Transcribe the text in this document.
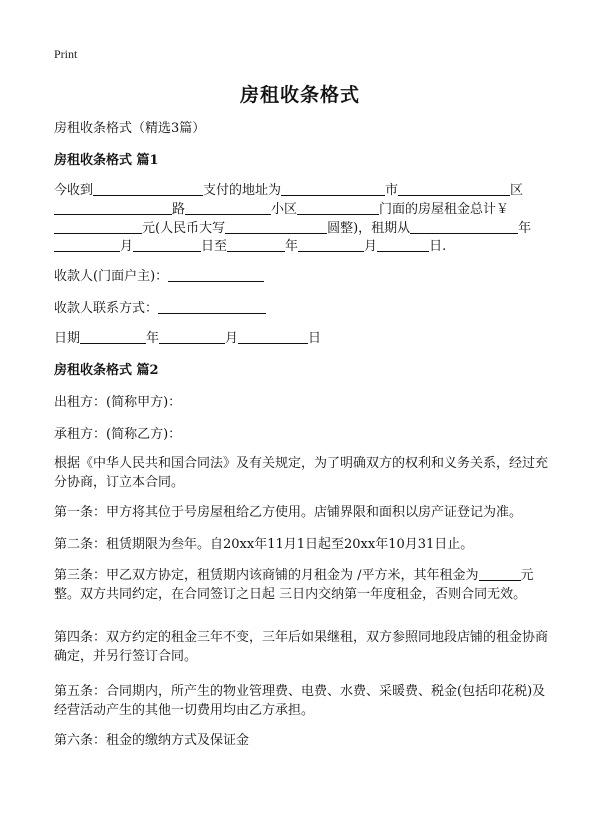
Print
房租收条格式
房租收条格式（精选3篇）
房租收条格式 篇1
今收到	支付的地址为	市	区
路	小区	门面的房屋租金总计￥
元(人民币大写	圆整)，租期从	年
月	日至	年	月	日.
收款人(门面户主)：
收款人联系方式：
日期	年	月	日
房租收条格式 篇2
出租方：(简称甲方)：
承租方：(简称乙方)：
根据《中华人民共和国合同法》及有关规定，为了明确双方的权利和义务关系，经过充分协商，订立本合同。
第一条：甲方将其位于号房屋租给乙方使用。店铺界限和面积以房产证登记为准。
第二条：租赁期限为叁年。自20xx年11月1日起至20xx年10月31日止。
第三条：甲乙双方协定，租赁期内该商铺的月租金为 /平方米，其年租金为	元整。双方共同约定，在合同签订之日起 三日内交纳第一年度租金，否则合同无效。
第四条：双方约定的租金三年不变，三年后如果继租，双方参照同地段店铺的租金协商确定，并另行签订合同。
第五条：合同期内，所产生的物业管理费、电费、水费、采暖费、税金(包括印花税)及经营活动产生的其他一切费用均由乙方承担。
第六条：租金的缴纳方式及保证金
